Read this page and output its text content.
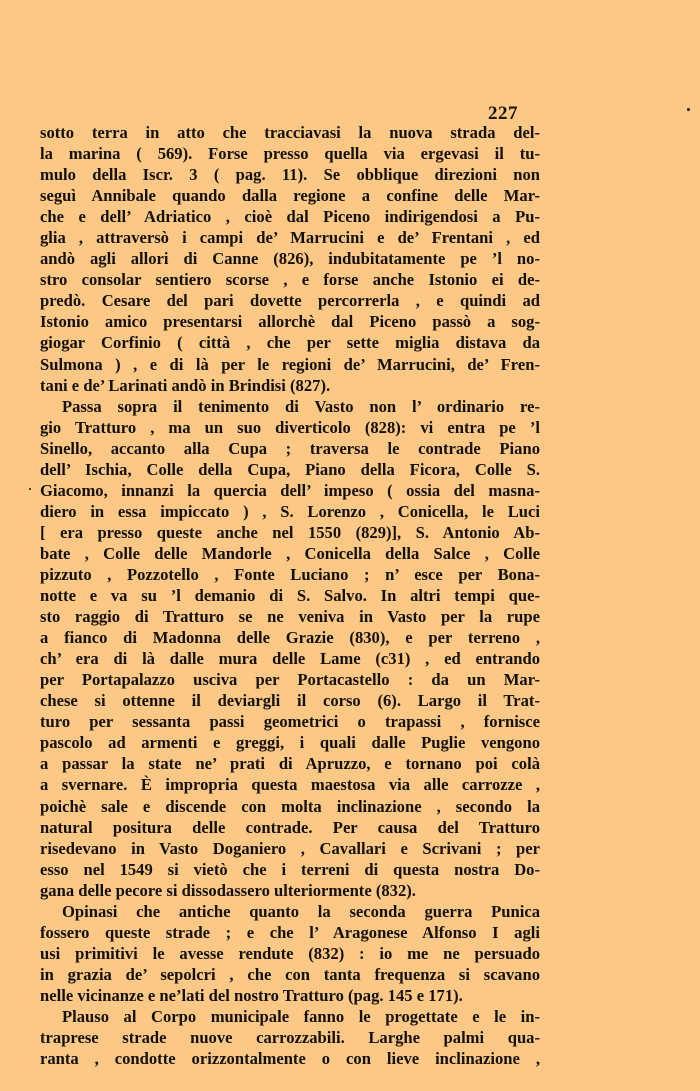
227
sotto terra in atto che tracciavasi la nuova strada del-
la marina ( 569). Forse presso quella via ergevasi il tu-
mulo della Iscr. 3 ( pag. 11). Se obblique direzioni non
seguì Annibale quando dalla regione a confine delle Mar-
che e dell’ Adriatico , cioè dal Piceno indirigendosi a Pu-
glia , attraversò i campi de’ Marrucini e de’ Frentani , ed
andò agli allori di Canne (826), indubitatamente pe ’l no-
stro consolar sentiero scorse , e forse anche Istonio ei de-
predò. Cesare del pari dovette percorrerla , e quindi ad
Istonio amico presentarsi allorchè dal Piceno passò a sog-
giogar Corfinio ( città , che per sette miglia distava da
Sulmona ) , e di là per le regioni de’ Marrucini, de’ Fren-
tani e de’ Larinati andò in Brindisi (827).
Passa sopra il tenimento di Vasto non l’ ordinario re-
gio Tratturo , ma un suo diverticolo (828): vi entra pe ’l
Sinello, accanto alla Cupa ; traversa le contrade Piano
dell’ Ischia, Colle della Cupa, Piano della Ficora, Colle S.
Giacomo, innanzi la quercia dell’ impeso ( ossia del masna-
diero in essa impiccato ) , S. Lorenzo , Conicella, le Luci
[ era presso queste anche nel 1550 (829)], S. Antonio Ab-
bate , Colle delle Mandorle , Conicella della Salce , Colle
pizzuto , Pozzotello , Fonte Luciano ; n’ esce per Bona-
notte e va su ’l demanio di S. Salvo. In altri tempi que-
sto raggio di Tratturo se ne veniva in Vasto per la rupe
a fianco di Madonna delle Grazie (830), e per terreno ,
ch’ era di là dalle mura delle Lame (c31) , ed entrando
per Portapalazzo usciva per Portacastello : da un Mar-
chese si ottenne il deviargli il corso (6). Largo il Trat-
turo per sessanta passi geometrici o trapassi , fornisce
pascolo ad armenti e greggi, i quali dalle Puglie vengono
a passar la state ne’ prati di Apruzzo, e tornano poi colà
a svernare. È impropria questa maestosa via alle carrozze ,
poichè sale e discende con molta inclinazione , secondo la
natural positura delle contrade. Per causa del Tratturo
risedevano in Vasto Doganiero , Cavallari e Scrivani ; per
esso nel 1549 si vietò che i terreni di questa nostra Do-
gana delle pecore si dissodassero ulteriormente (832).
Opinasi che antiche quanto la seconda guerra Punica
fossero queste strade ; e che l’ Aragonese Alfonso I agli
usi primitivi le avesse rendute (832) : io me ne persuado
in grazia de’ sepolcri , che con tanta frequenza si scavano
nelle vicinanze e ne’lati del nostro Tratturo (pag. 145 e 171).
Plauso al Corpo municipale fanno le progettate e le in-
traprese strade nuove carrozzabili. Larghe palmi qua-
ranta , condotte orizzontalmente o con lieve inclinazione ,
